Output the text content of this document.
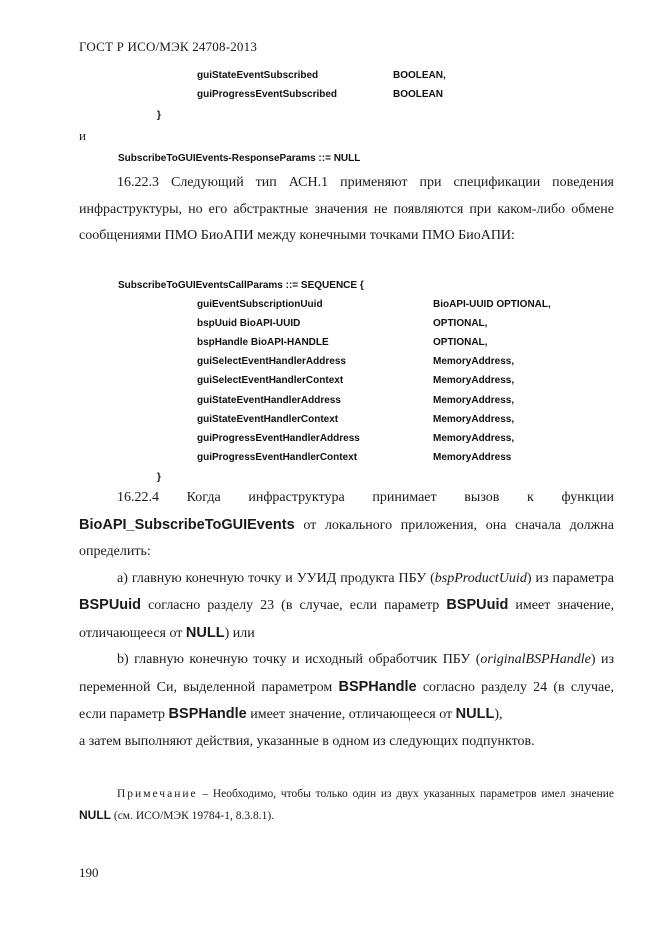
ГОСТ Р ИСО/МЭК 24708-2013
guiStateEventSubscribed	BOOLEAN,
guiProgressEventSubscribed	BOOLEAN
}
и
SubscribeToGUIEvents-ResponseParams ::= NULL

16.22.3 Следующий тип АСН.1 применяют при спецификации поведения инфраструктуры, но его абстрактные значения не появляются при каком-либо обмене сообщениями ПМО БиоАПИ между конечными точками ПМО БиоАПИ:

SubscribeToGUIEventsCallParams ::= SEQUENCE {
guiEventSubscriptionUuid	BioAPI-UUID OPTIONAL,
bspUuid BioAPI-UUID	OPTIONAL,
bspHandle BioAPI-HANDLE	OPTIONAL,
guiSelectEventHandlerAddress	MemoryAddress,
guiSelectEventHandlerContext	MemoryAddress,
guiStateEventHandlerAddress	MemoryAddress,
guiStateEventHandlerContext	MemoryAddress,
guiProgressEventHandlerAddress	MemoryAddress,
guiProgressEventHandlerContext	MemoryAddress
}

16.22.4 Когда инфраструктура принимает вызов к функции

BioAPI_SubscribeToGUIEvents от локального приложения, она сначала должна определить:

а) главную конечную точку и УУИД продукта ПБУ (bspProductUuid) из параметра BSPUuid согласно разделу 23 (в случае, если параметр BSPUuid имеет значение, отличающееся от NULL) или

b) главную конечную точку и исходный обработчик ПБУ (originalBSPHandle) из переменной Си, выделенной параметром BSPHandle согласно разделу 24 (в случае, если параметр BSPHandle имеет значение, отличающееся от NULL),

а затем выполняют действия, указанные в одном из следующих подпунктов.

Примечание – Необходимо, чтобы только один из двух указанных параметров имел значение NULL (см. ИСО/МЭК 19784-1, 8.3.8.1).

190
